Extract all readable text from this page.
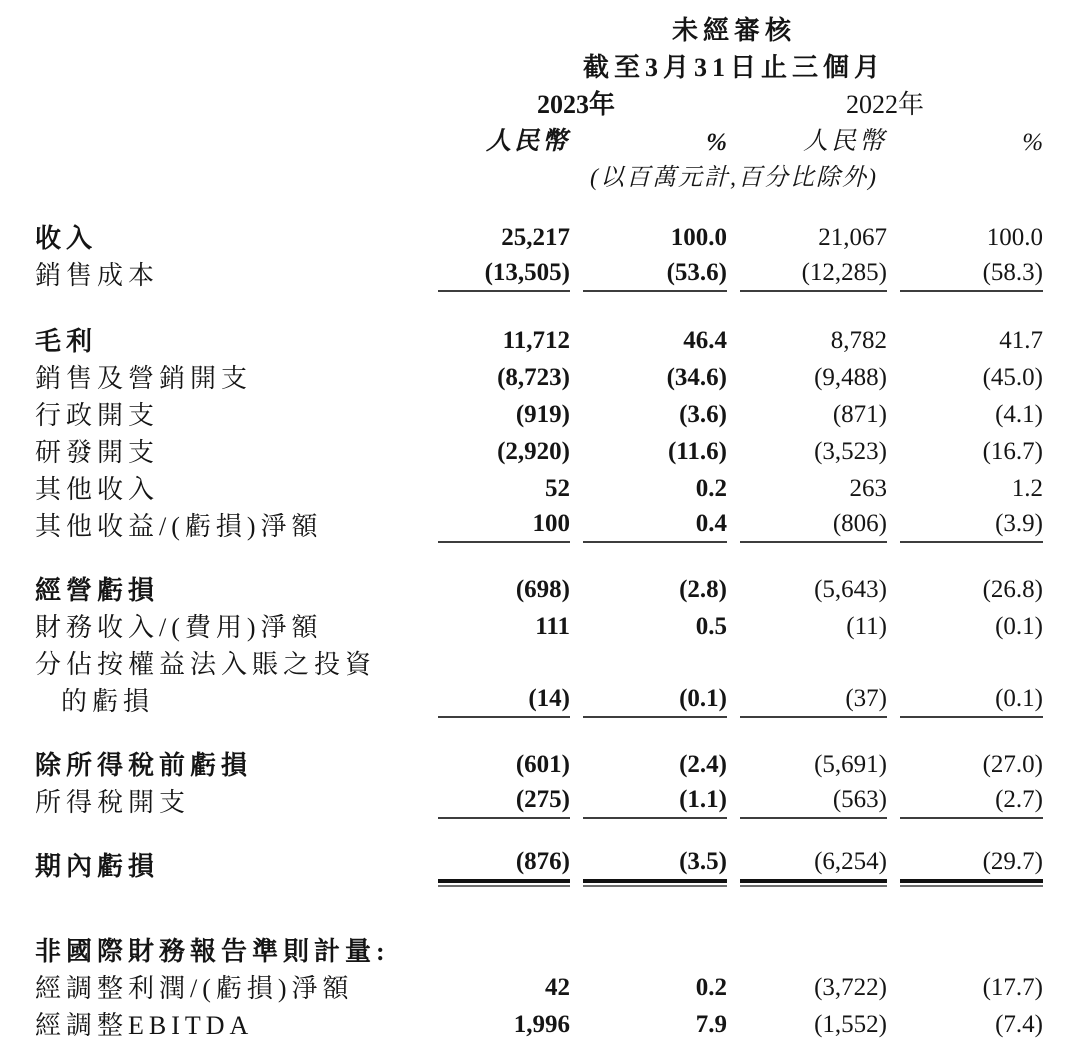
	未經審核			
	截至3月31日止三個月			
	2023年		2022年	

	人民幣	%	人民幣	%

	(以百萬元計,百分比除外)			

收入	25,217	100.0	21,067	100.0

銷售成本	(13,505)	(53.6)	(12,285)	(58.3)

毛利	11,712	46.4	8,782	41.7

銷售及營銷開支	(8,723)	(34.6)	(9,488)	(45.0)

行政開支	(919)	(3.6)	(871)	(4.1)

研發開支	(2,920)	(11.6)	(3,523)	(16.7)

其他收入	52	0.2	263	1.2

其他收益/(虧損)淨額	100	0.4	(806)	(3.9)

經營虧損	(698)	(2.8)	(5,643)	(26.8)

財務收入/(費用)淨額	111	0.5	(11)	(0.1)

分佔按權益法入賬之投資	

的虧損	(14)	(0.1)	(37)	(0.1)

除所得稅前虧損	(601)	(2.4)	(5,691)	(27.0)

所得稅開支	(275)	(1.1)	(563)	(2.7)

期內虧損	(876)	(3.5)	(6,254)	(29.7)

非國際財務報告準則計量:	

經調整利潤/(虧損)淨額	42	0.2	(3,722)	(17.7)

經調整EBITDA	1,996	7.9	(1,552)	(7.4)
